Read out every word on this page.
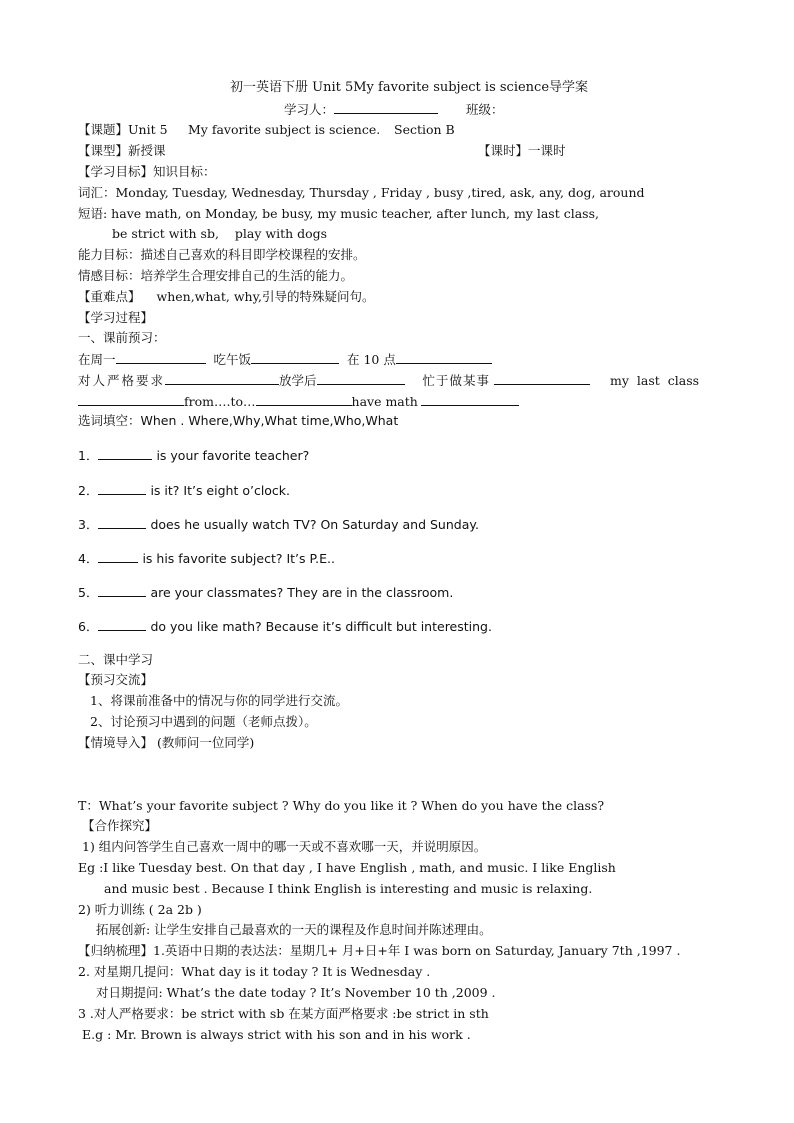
初一英语下册 Unit 5My favorite subject is science导学案
学习人：	班级：
【课题】Unit 5 My favorite subject is science. Section B
【课型】新授课	【课时】一课时
【学习目标】知识目标：
词汇：Monday, Tuesday, Wednesday, Thursday , Friday , busy ,tired, ask, any, dog, around
短语: have math, on Monday, be busy, my music teacher, after lunch, my last class,
be strict with sb, play with dogs
能力目标：描述自己喜欢的科目即学校课程的安排。
情感目标：培养学生合理安排自己的生活的能力。
【重难点】 when,what, why,引导的特殊疑问句。
【学习过程】
一、课前预习：
在周一	吃午饭	在 10 点
对人严格要求	放学后	忙于做某事	my last class
from….to…	have math
选词填空：When . Where,Why,What time,Who,What
1．	is your favorite teacher?
2．	is it? It’s eight o’clock.
3．	does he usually watch TV? On Saturday and Sunday.
4．	is his favorite subject? It’s P.E..
5．	are your classmates? They are in the classroom.
6．	do you like math? Because it’s difficult but interesting.
二、课中学习
【预习交流】
1、将课前准备中的情况与你的同学进行交流。
2、讨论预习中遇到的问题（老师点拨）。
【情境导入】 (教师问一位同学)
T：What’s your favorite subject ? Why do you like it ? When do you have the class?
【合作探究】
1) 组内问答学生自己喜欢一周中的哪一天或不喜欢哪一天，并说明原因。
Eg :I like Tuesday best. On that day , I have English , math, and music. I like English
and music best . Because I think English is interesting and music is relaxing.
2) 听力训练 ( 2a 2b )
拓展创新: 让学生安排自己最喜欢的一天的课程及作息时间并陈述理由。
【归纳梳理】1.英语中日期的表达法：星期几+ 月+日+年 I was born on Saturday, January 7th ,1997 .
2. 对星期几提问：What day is it today ? It is Wednesday .
对日期提问: What’s the date today ? It’s November 10 th ,2009 .
3 .对人严格要求：be strict with sb 在某方面严格要求 :be strict in sth
E.g : Mr. Brown is always strict with his son and in his work .
